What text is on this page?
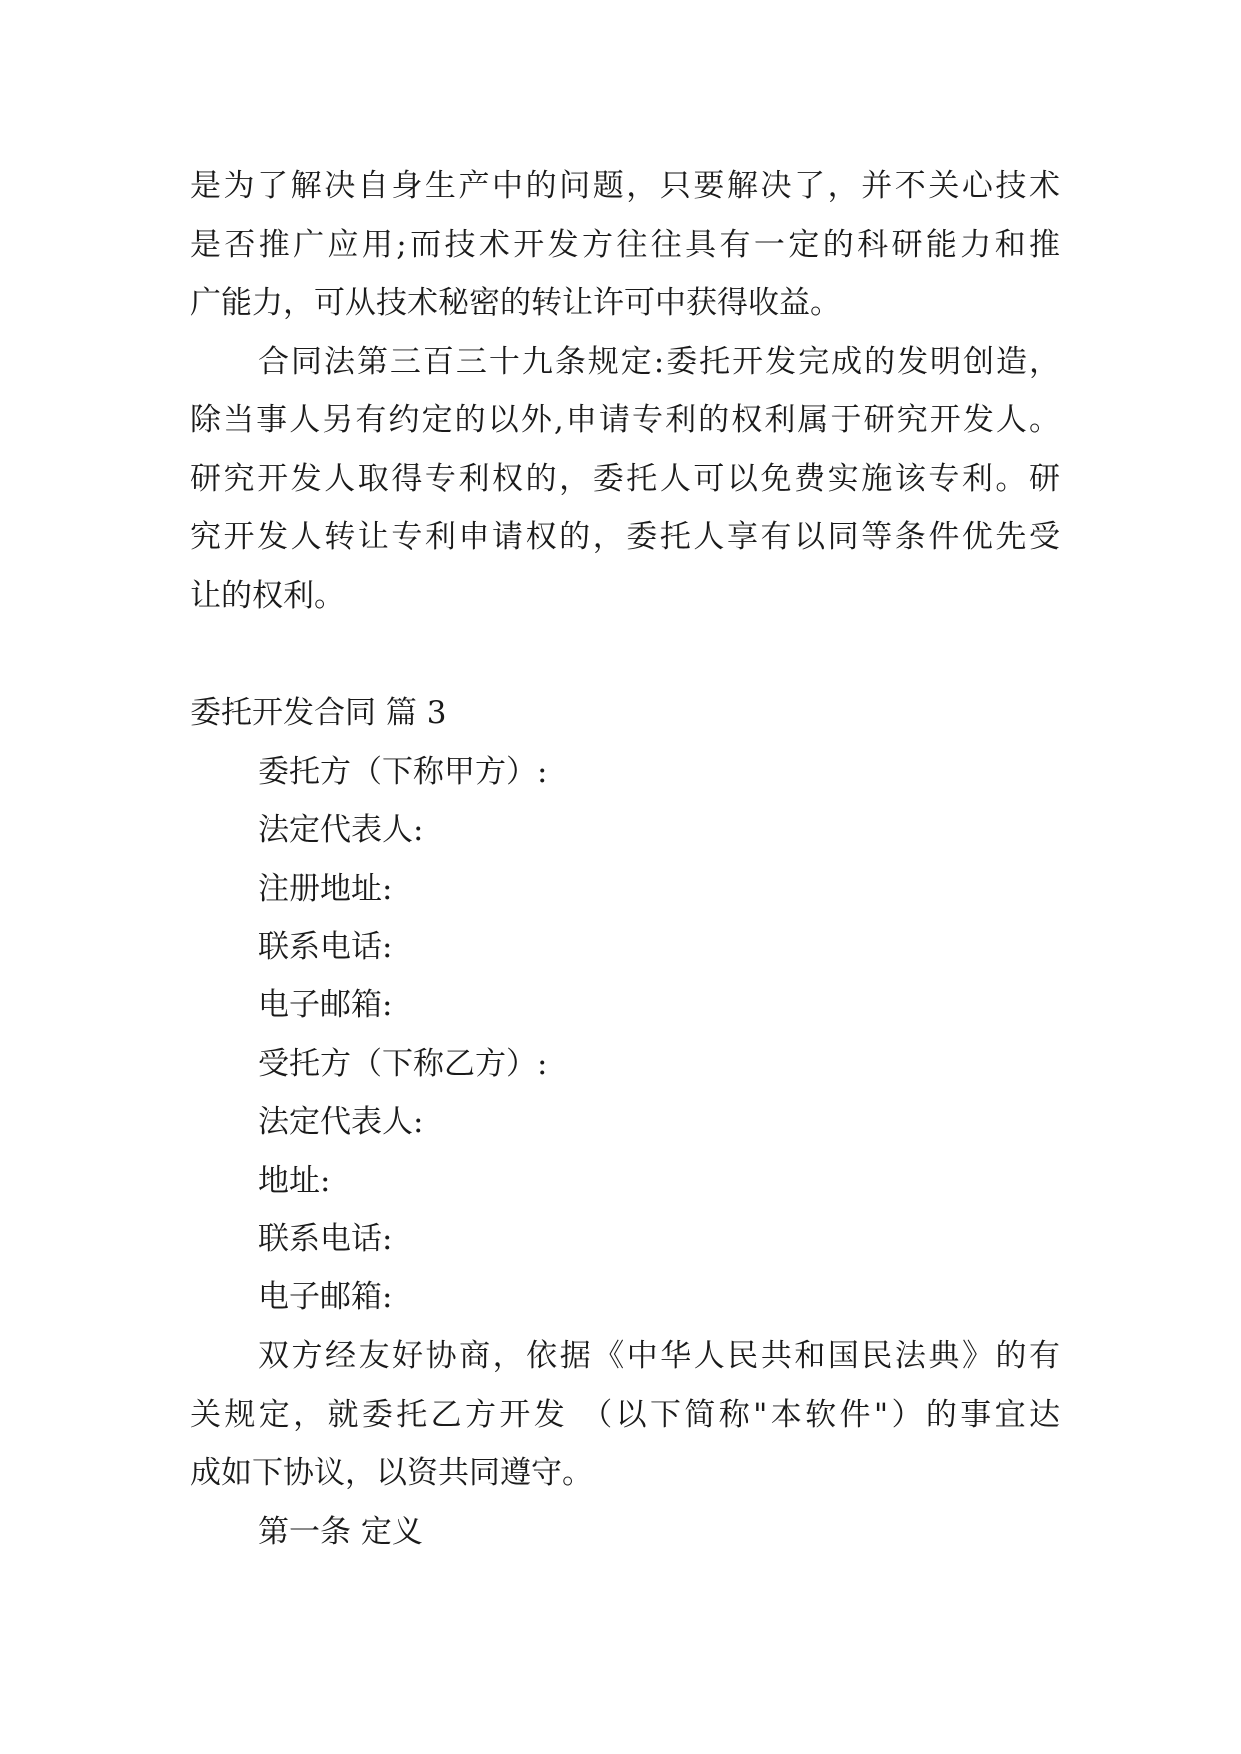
是为了解决自身生产中的问题，只要解决了，并不关心技术
是否推广应用;而技术开发方往往具有一定的科研能力和推
广能力，可从技术秘密的转让许可中获得收益。
合同法第三百三十九条规定:委托开发完成的发明创造，
除当事人另有约定的以外,申请专利的权利属于研究开发人。
研究开发人取得专利权的，委托人可以免费实施该专利。研
究开发人转让专利申请权的，委托人享有以同等条件优先受
让的权利。
委托开发合同 篇 3
委托方（下称甲方）:
法定代表人:
注册地址:
联系电话:
电子邮箱:
受托方（下称乙方）:
法定代表人:
地址:
联系电话:
电子邮箱:
双方经友好协商，依据《中华人民共和国民法典》的有
关规定，就委托乙方开发 （以下简称"本软件"）的事宜达
成如下协议，以资共同遵守。
第一条 定义
